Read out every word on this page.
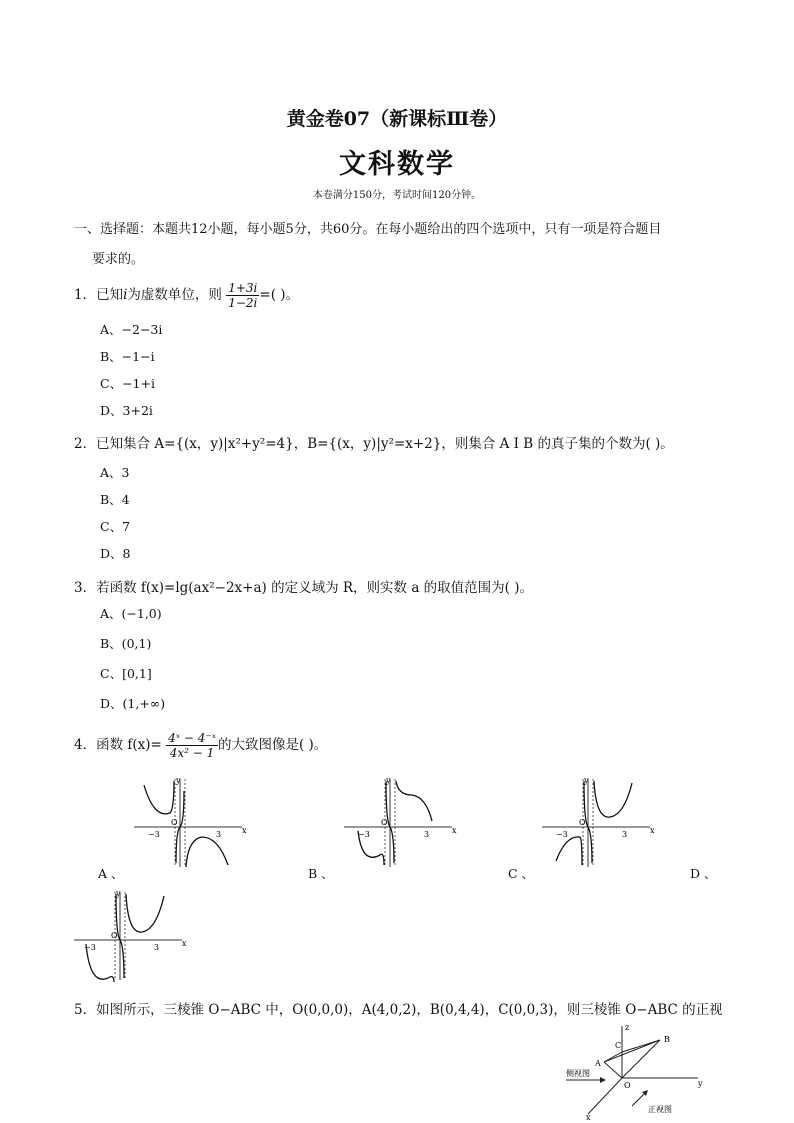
黄金卷07（新课标Ⅲ卷）
文科数学
本卷满分150分，考试时间120分钟。
一、选择题：本题共12小题，每小题5分，共60分。在每小题给出的四个选项中，只有一项是符合题目
要求的。
1．已知i为虚数单位，则 $\frac{1+3i}{1-2i}$ =( )。
A、−2−3i
B、−1−i
C、−1+i
D、3+2i
2．已知集合 A={(x，y)|x²+y²=4}，B={(x，y)|y²=x+2}，则集合 A I B 的真子集的个数为( )。
A、3
B、4
C、7
D、8
3．若函数 f(x)=lg(ax²−2x+a) 的定义域为 R，则实数 a 的取值范围为( )。
A、(−1,0)
B、(0,1)
C、[0,1]
D、(1,+∞)
4．函数 $f(x)= \frac{\text{4ˣ − 4⁻ˣ}}{\text{4x² − 1}}$ 的大致图像是( )。
y
x
O
−3	3
A 、
y
x
O
−3	3
B 、
y
x
O
−3	3
C 、	D 、
y
x
O
−3	3
5．如图所示，三棱锥 O−ABC 中，O(0,0,0)，A(4,0,2)，B(0,4,4)，C(0,0,3)，则三棱锥 O−ABC 的正视
A
B
C
O
x
y
z
侧视图
正视图
